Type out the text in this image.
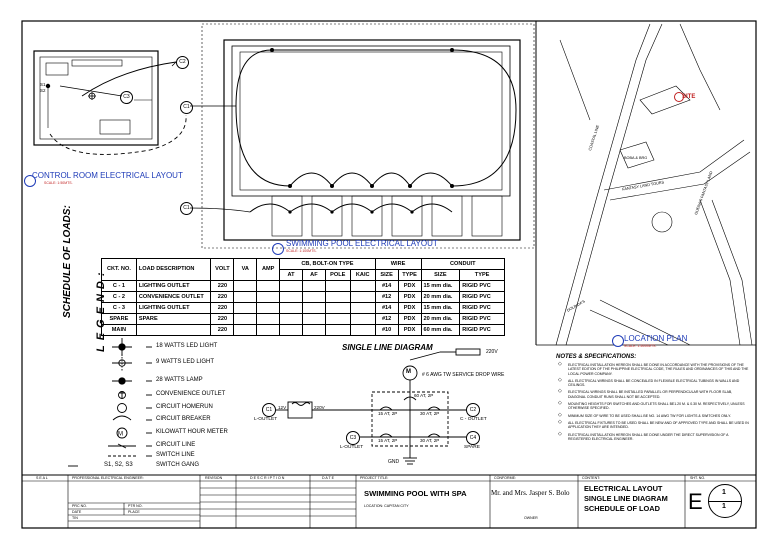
M
CONTROL ROOM ELECTRICAL LAYOUT
SCALE: 1:50MTS.
C2
C3
C1
C1
S1
S2
SWIMMING POOL ELECTRICAL LAYOUT
SCALE: 1:100MTS.
SITE
COASTAL LINE
BOBA & BRG
FANTASY LAND TOURS	GUENA'S FANTASY LAND
DOLINDA'S
LOCATION PLAN
SCALE: 1:5000MTS.
SCHEDULE OF LOADS:	CKT. NO.	LOAD DESCRIPTION	VOLT	VA	AMP	CB, BOLT-ON TYPE				WIRE		CONDUIT	
					AT	AF	POLE	KAIC	SIZE	TYPE	SIZE	TYPE
C - 1	LIGHTING OUTLET	220							#14	PDX	15 mm dia.	RIGID PVC
C - 2	CONVENIENCE OUTLET	220							#12	PDX	20 mm dia.	RIGID PVC
C - 3	LIGHTING OUTLET	220							#14	PDX	15 mm dia.	RIGID PVC
SPARE	SPARE	220							#12	PDX	20 mm dia.	RIGID PVC
MAIN		220							#10	PDX	60 mm dia.	RIGID PVC
LEGEND:	18 WATTS LED LIGHT
9 WATTS LED LIGHT
28 WATTS LAMP
CONVENIENCE OUTLET
CIRCUIT HOMERUN
CIRCUIT BREAKER
KILOWATT HOUR METER
CIRCUIT LINE
SWITCH LINE
SWITCH GANG
S1, S2, S3
SINGLE LINE DIAGRAM	220V
M # 6 AWG TW SERVICE DROP WIRE
60 AT, 2P
15 AT, 2P	30 AT, 2P
15 AT, 2P	30 AT, 2P
12V	220V
C1
L-OUTLET
C2
C - OUTLET
C3
L-OUTLET
C4
SPARE
GND
NOTES & SPECIFICATIONS:
◇ ELECTRICAL INSTALLATION HEREON SHALL BE DONE IN ACCORDANCE WITH THE PROVISIONS OF THE LATEST EDITION OF THE PHILIPPINE ELECTRICAL CODE, THE RULES AND ORDINANCES OF THIS AND THE LOCAL POWER COMPANY.
◇ ALL ELECTRICAL WIRINGS SHALL BE CONCEALED IN FLEXIBLE ELECTRICAL TUBINGS IN WALLS AND CEILINGS.
◇ ELECTRICAL WIRINGS SHALL BE INSTALLED PARALLEL OR PERPENDICULAR WITH FLOOR SLAB, DIAGONAL CONDUIT RUNS SHALL NOT BE ACCEPTED.
◇ MOUNTING HEIGHTS FOR SWITCHES AND OUTLETS SHALL BE1.20 M. & 0.30 M. RESPECTIVELY, UNLESS OTHERWISE SPECIFIED.
◇ MINIMUM SIZE OF WIRE TO BE USED SHALL BE NO. 14 AWG TW FOR LIGHTS & SWITCHES ONLY.
◇ ALL ELECTRICAL FIXTURES TO BE USED SHALL BE NEW AND OF APPROVED TYPE AND SHALL BE USED IN APPLICATION THEY ARE INTENDED.
◇ ELECTRICAL INSTALLATION HEREON SHALL BE DONE UNDER THE DIRECT SUPERVISION OF A REGISTERED ELECTRICAL ENGINEER.
S E A L	PROFESSIONAL ELECTRICAL ENGINEER:	REVISION	D E S C R I P T I O N	D A T E	PROJECT TITLE:
SWIMMING POOL WITH SPA
LOCATION: CAPITAN CITY
CONFORME:
Mr. and Mrs. Jasper S. Bolo
OWNER
CONTENT:
ELECTRICAL LAYOUT
SINGLE LINE DIAGRAM
SCHEDULE OF LOAD
SHT. NO.
E	1
1
PRC NO.	PTR NO.
DATE	PLACE
TIN
